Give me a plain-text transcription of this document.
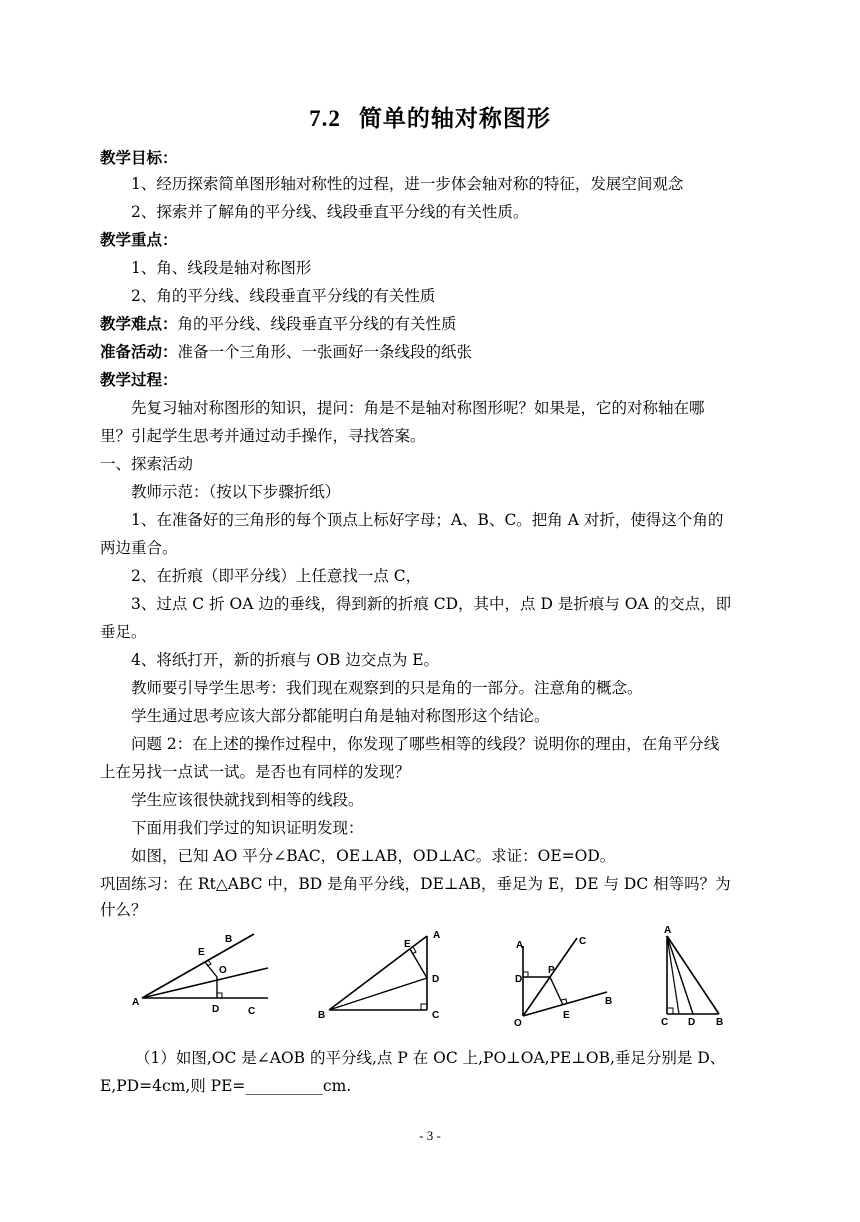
7.2 简单的轴对称图形
教学目标：
1、经历探索简单图形轴对称性的过程，进一步体会轴对称的特征，发展空间观念
2、探索并了解角的平分线、线段垂直平分线的有关性质。
教学重点：
1、角、线段是轴对称图形
2、角的平分线、线段垂直平分线的有关性质
教学难点：角的平分线、线段垂直平分线的有关性质
准备活动：准备一个三角形、一张画好一条线段的纸张
教学过程：
先复习轴对称图形的知识，提问：角是不是轴对称图形呢？如果是，它的对称轴在哪
里？引起学生思考并通过动手操作，寻找答案。
一、探索活动
教师示范：（按以下步骤折纸）
1、在准备好的三角形的每个顶点上标好字母；A、B、C。把角 A 对折，使得这个角的
两边重合。
2、在折痕（即平分线）上任意找一点 C，
3、过点 C 折 OA 边的垂线，得到新的折痕 CD，其中，点 D 是折痕与 OA 的交点，即
垂足。
4、将纸打开，新的折痕与 OB 边交点为 E。
教师要引导学生思考：我们现在观察到的只是角的一部分。注意角的概念。
学生通过思考应该大部分都能明白角是轴对称图形这个结论。
问题 2：在上述的操作过程中，你发现了哪些相等的线段？说明你的理由，在角平分线
上在另找一点试一试。是否也有同样的发现？
学生应该很快就找到相等的线段。
下面用我们学过的知识证明发现：
如图，已知 AO 平分∠BAC，OE⊥AB，OD⊥AC。求证：OE=OD。
巩固练习：在 Rt△ABC 中，BD 是角平分线，DE⊥AB，垂足为 E，DE 与 DC 相等吗？为
什么？
A
B
C
D
E
O
A
B	C
D
E	A
B
C
D
E
O
P
A
B
C D
（1）如图,OC 是∠AOB 的平分线,点 P 在 OC 上,PO⊥OA,PE⊥OB,垂足分别是 D、
E,PD=4cm,则 PE=__________cm.
- 3 -
